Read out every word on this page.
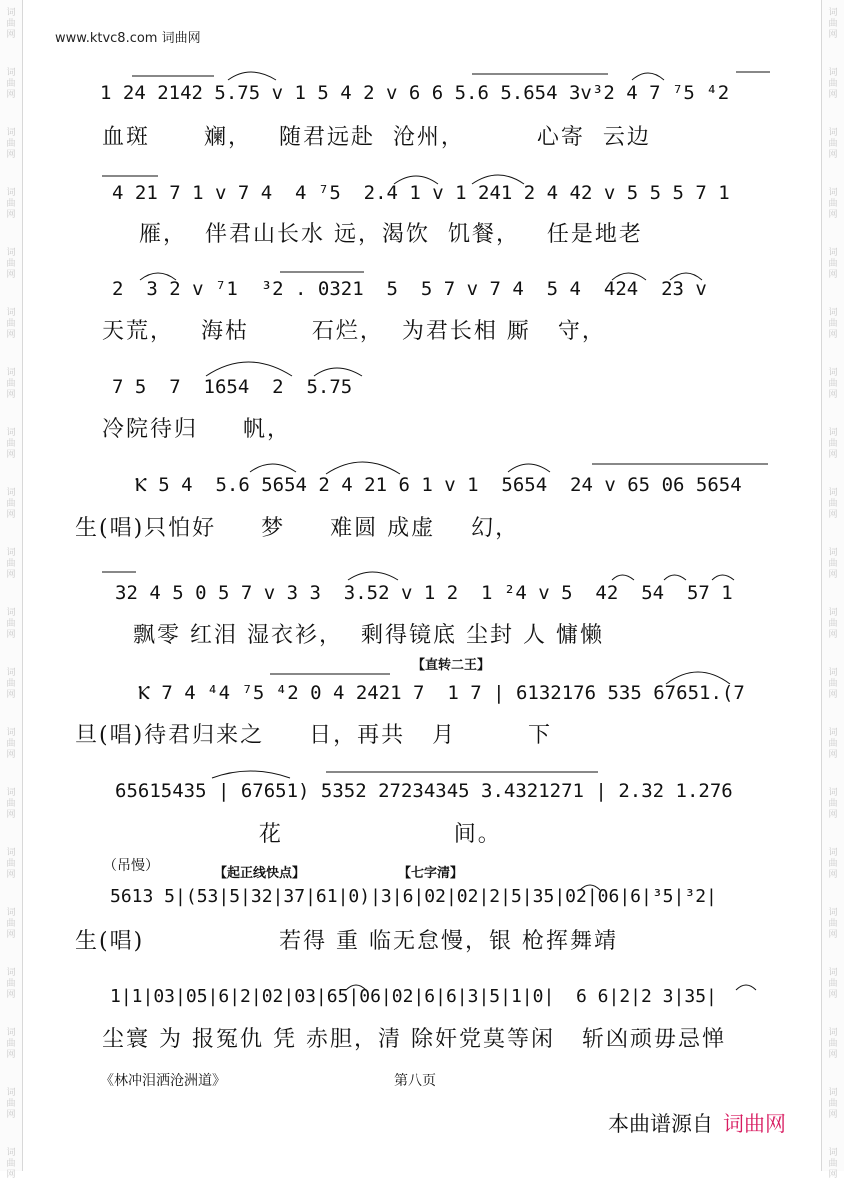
词
曲
网
词
曲
网
词
曲
网
词
曲
网
词
曲
网
词
曲
网
词
曲
网
词
曲
网
词
曲
网
词
曲
网
词
曲
网
词
曲
网
词
曲
网
词
曲
网
词
曲
网
词
曲
网
词
曲
网
词
曲
网
词
曲
网
词
曲
网
词
曲
网
词
曲
网
词
曲
网
词
曲
网
词
曲
网
词
曲
网
词
曲
网
词
曲
网
词
曲
网
词
曲
网
词
曲
网
词
曲
网
词
曲
网
词
曲
网
词
曲
网
词
曲
网
词
曲
网
词
曲
网
词
曲
网
词
曲
网
www.ktvc8.com 词曲网
1 24 2142 5.75 v 1 5 4 2 v 6 6 5.6 5.654 3v³2 4 7 ⁷5 ⁴2
血斑      斓，   随君远赴  沧州，        心寄  云边
4 21 7 1 v 7 4  4 ⁷5  2.4 1 v 1 241 2 4 42 v 5 5 5 7 1
雁，  伴君山长水 远，渴饮  饥餐，   任是地老
2  3 2 v ⁷1  ³2 . 0321  5  5 7 v 7 4  5 4  424  23 v
天荒，   海枯       石烂，  为君长相 厮   守，
7 5  7  1654  2  5.75
冷院待归     帆，
Ⲕ 5 4  5.6 5654 2 4 21 6 1 v 1  5654  24 v 65 06 5654
生(唱)只怕好     梦     难圆 成虚    幻，
32 4 5 0 5 7 v 3 3  3.52 v 1 2  1 ²4 v 5  42  54  57 1
飘零 红泪 湿衣衫，  剩得镜底 尘封 人 慵懒
【直转二王】
Ⲕ 7 4 ⁴4 ⁷5 ⁴2 0 4 2421 7  1 7 | 6132176 535 67651.(7
旦(唱)待君归来之     日，再共   月        下
65615435 | 67651) 5352 27234345 3.4321271 | 2.32 1.276
花                   间。
（吊慢）	【起正线快点】	【七字清】
5613 5|(53|5|32|37|61|0)|3|6|02|02|2|5|35|02|06|6|³5|³2|
生(唱)               若得 重 临无怠慢，银 枪挥舞靖
1|1|03|05|6|2|02|03|65|06|02|6|6|3|5|1|0|  6 6|2|2 3|35|
尘寰 为 报冤仇 凭 赤胆，清 除奸党莫等闲   斩凶顽毋忌惮
《林冲泪洒沧洲道》	第八页
本曲谱源自 词曲网
